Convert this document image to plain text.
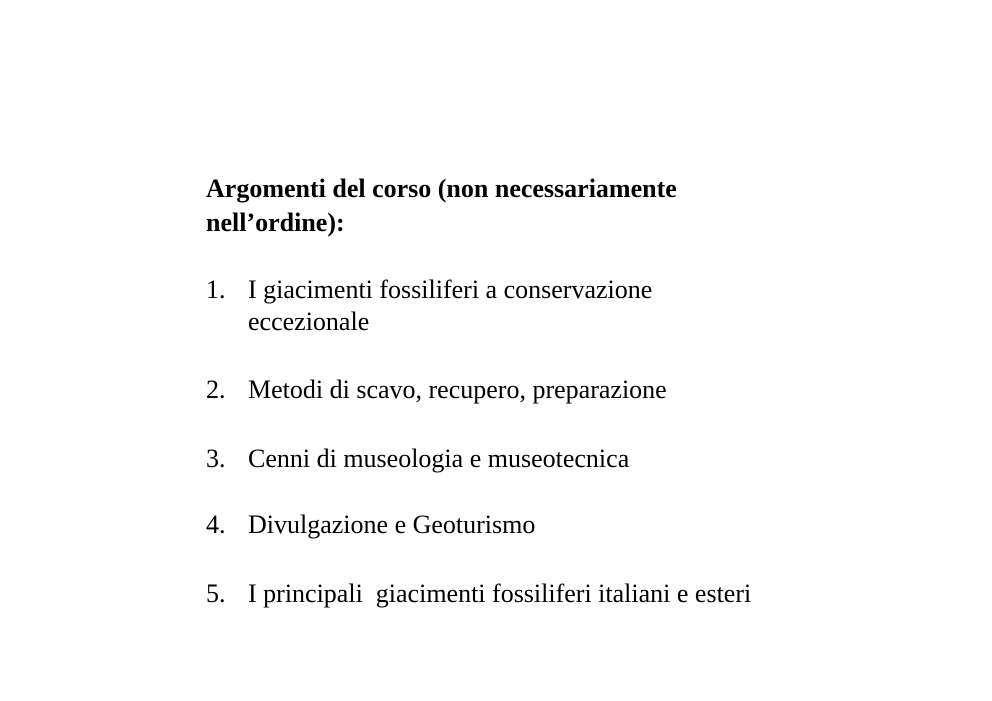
Argomenti del corso (non necessariamente nell’ordine):
1. I giacimenti fossiliferi a conservazione eccezionale
2. Metodi di scavo, recupero, preparazione
3. Cenni di museologia e museotecnica
4. Divulgazione e Geoturismo
5. I principali  giacimenti fossiliferi italiani e esteri
